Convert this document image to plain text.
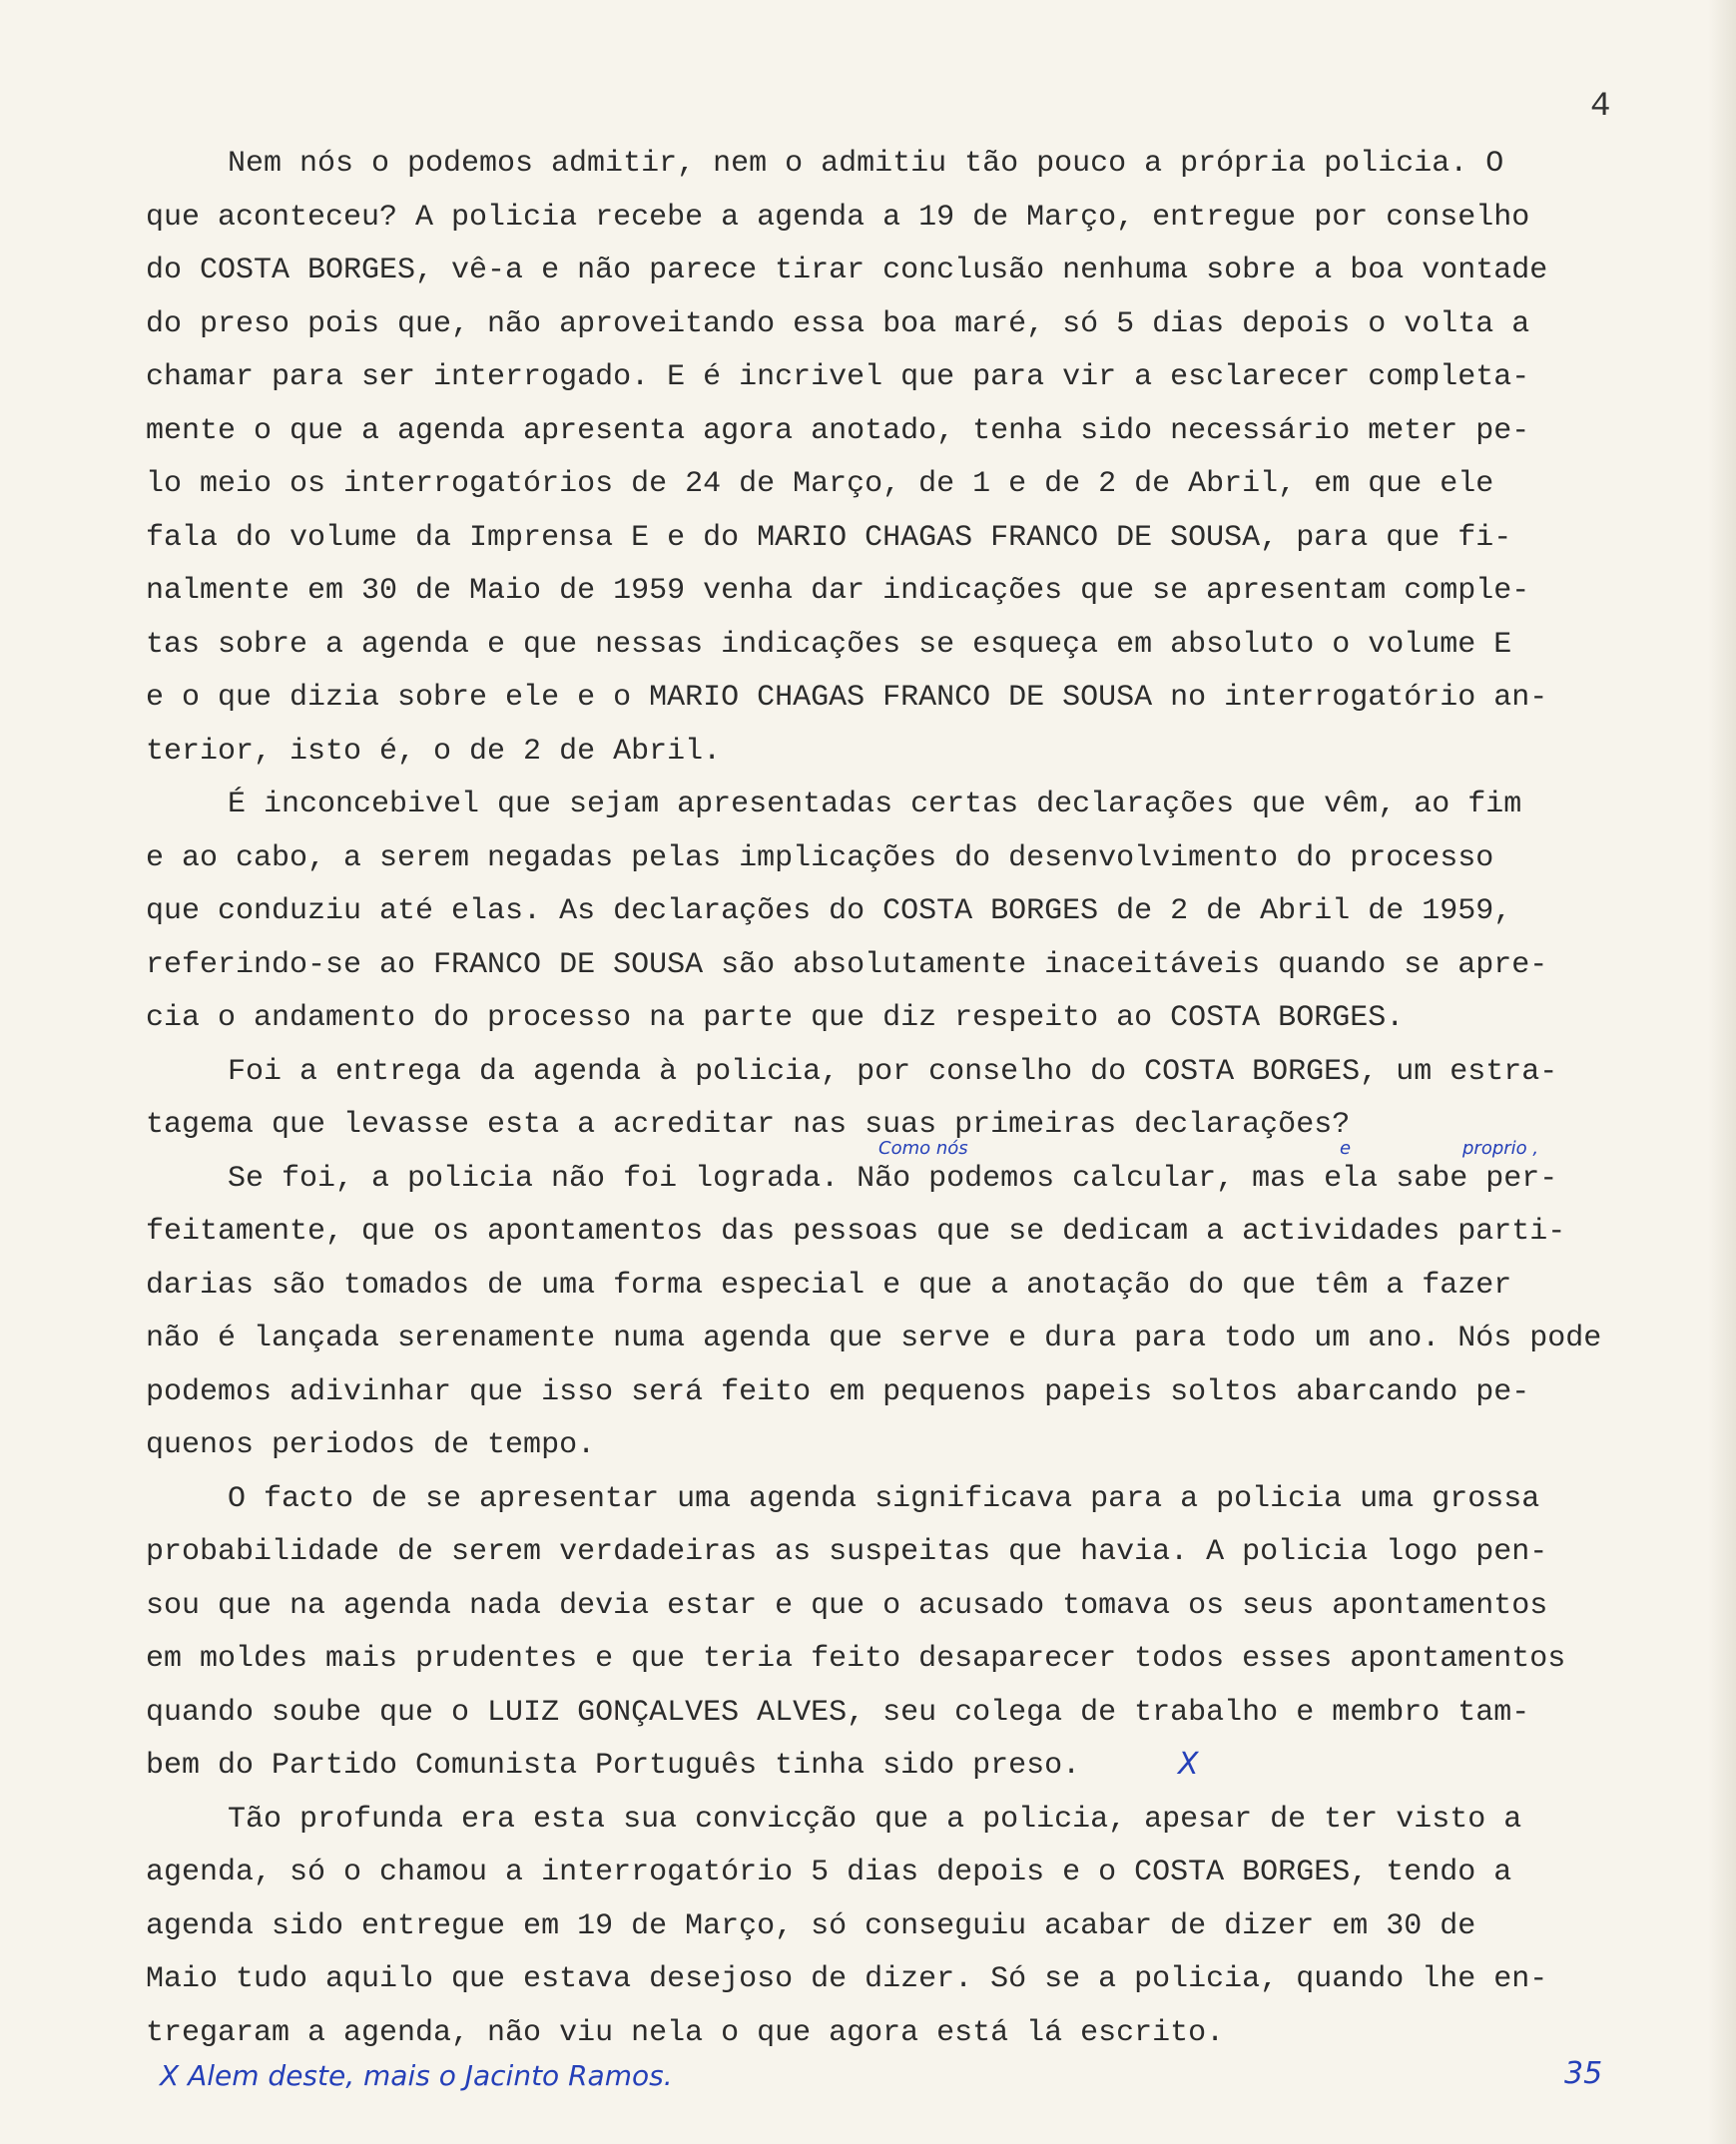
4

Nem nós o podemos admitir, nem o admitiu tão pouco a própria policia. O
que aconteceu? A policia recebe a agenda a 19 de Março, entregue por conselho
do COSTA BORGES, vê-a e não parece tirar conclusão nenhuma sobre a boa vontade
do preso pois que, não aproveitando essa boa maré, só 5 dias depois o volta a
chamar para ser interrogado. E é incrivel que para vir a esclarecer completa-
mente o que a agenda apresenta agora anotado, tenha sido necessário meter pe-
lo meio os interrogatórios de 24 de Março, de 1 e de 2 de Abril, em que ele
fala do volume da Imprensa E e do MARIO CHAGAS FRANCO DE SOUSA, para que fi-
nalmente em 30 de Maio de 1959 venha dar indicações que se apresentam comple-
tas sobre a agenda e que nessas indicações se esqueça em absoluto o volume E
e o que dizia sobre ele e o MARIO CHAGAS FRANCO DE SOUSA no interrogatório an-
terior, isto é, o de 2 de Abril.

É inconcebivel que sejam apresentadas certas declarações que vêm, ao fim
e ao cabo, a serem negadas pelas implicações do desenvolvimento do processo
que conduziu até elas. As declarações do COSTA BORGES de 2 de Abril de 1959,
referindo-se ao FRANCO DE SOUSA são absolutamente inaceitáveis quando se apre-
cia o andamento do processo na parte que diz respeito ao COSTA BORGES.

Foi a entrega da agenda à policia, por conselho do COSTA BORGES, um estra-
tagema que levasse esta a acreditar nas suas primeiras declarações?

Se foi, a policia não foi lograda. Não podemos calcular, mas ela sabe per-
feitamente, que os apontamentos das pessoas que se dedicam a actividades parti-
darias são tomados de uma forma especial e que a anotação do que têm a fazer
não é lançada serenamente numa agenda que serve e dura para todo um ano. Nós pode
podemos adivinhar que isso será feito em pequenos papeis soltos abarcando pe-
quenos periodos de tempo.

O facto de se apresentar uma agenda significava para a policia uma grossa
probabilidade de serem verdadeiras as suspeitas que havia. A policia logo pen-
sou que na agenda nada devia estar e que o acusado tomava os seus apontamentos
em moldes mais prudentes e que teria feito desaparecer todos esses apontamentos
quando soube que o LUIZ GONÇALVES ALVES, seu colega de trabalho e membro tam-
bem do Partido Comunista Português tinha sido preso.

Tão profunda era esta sua convicção que a policia, apesar de ter visto a
agenda, só o chamou a interrogatório 5 dias depois e o COSTA BORGES, tendo a
agenda sido entregue em 19 de Março, só conseguiu acabar de dizer em 30 de
Maio tudo aquilo que estava desejoso de dizer. Só se a policia, quando lhe en-
tregaram a agenda, não viu nela o que agora está lá escrito.

Como nós	e	proprio ,
X
X Alem deste, mais o Jacinto Ramos.	35
